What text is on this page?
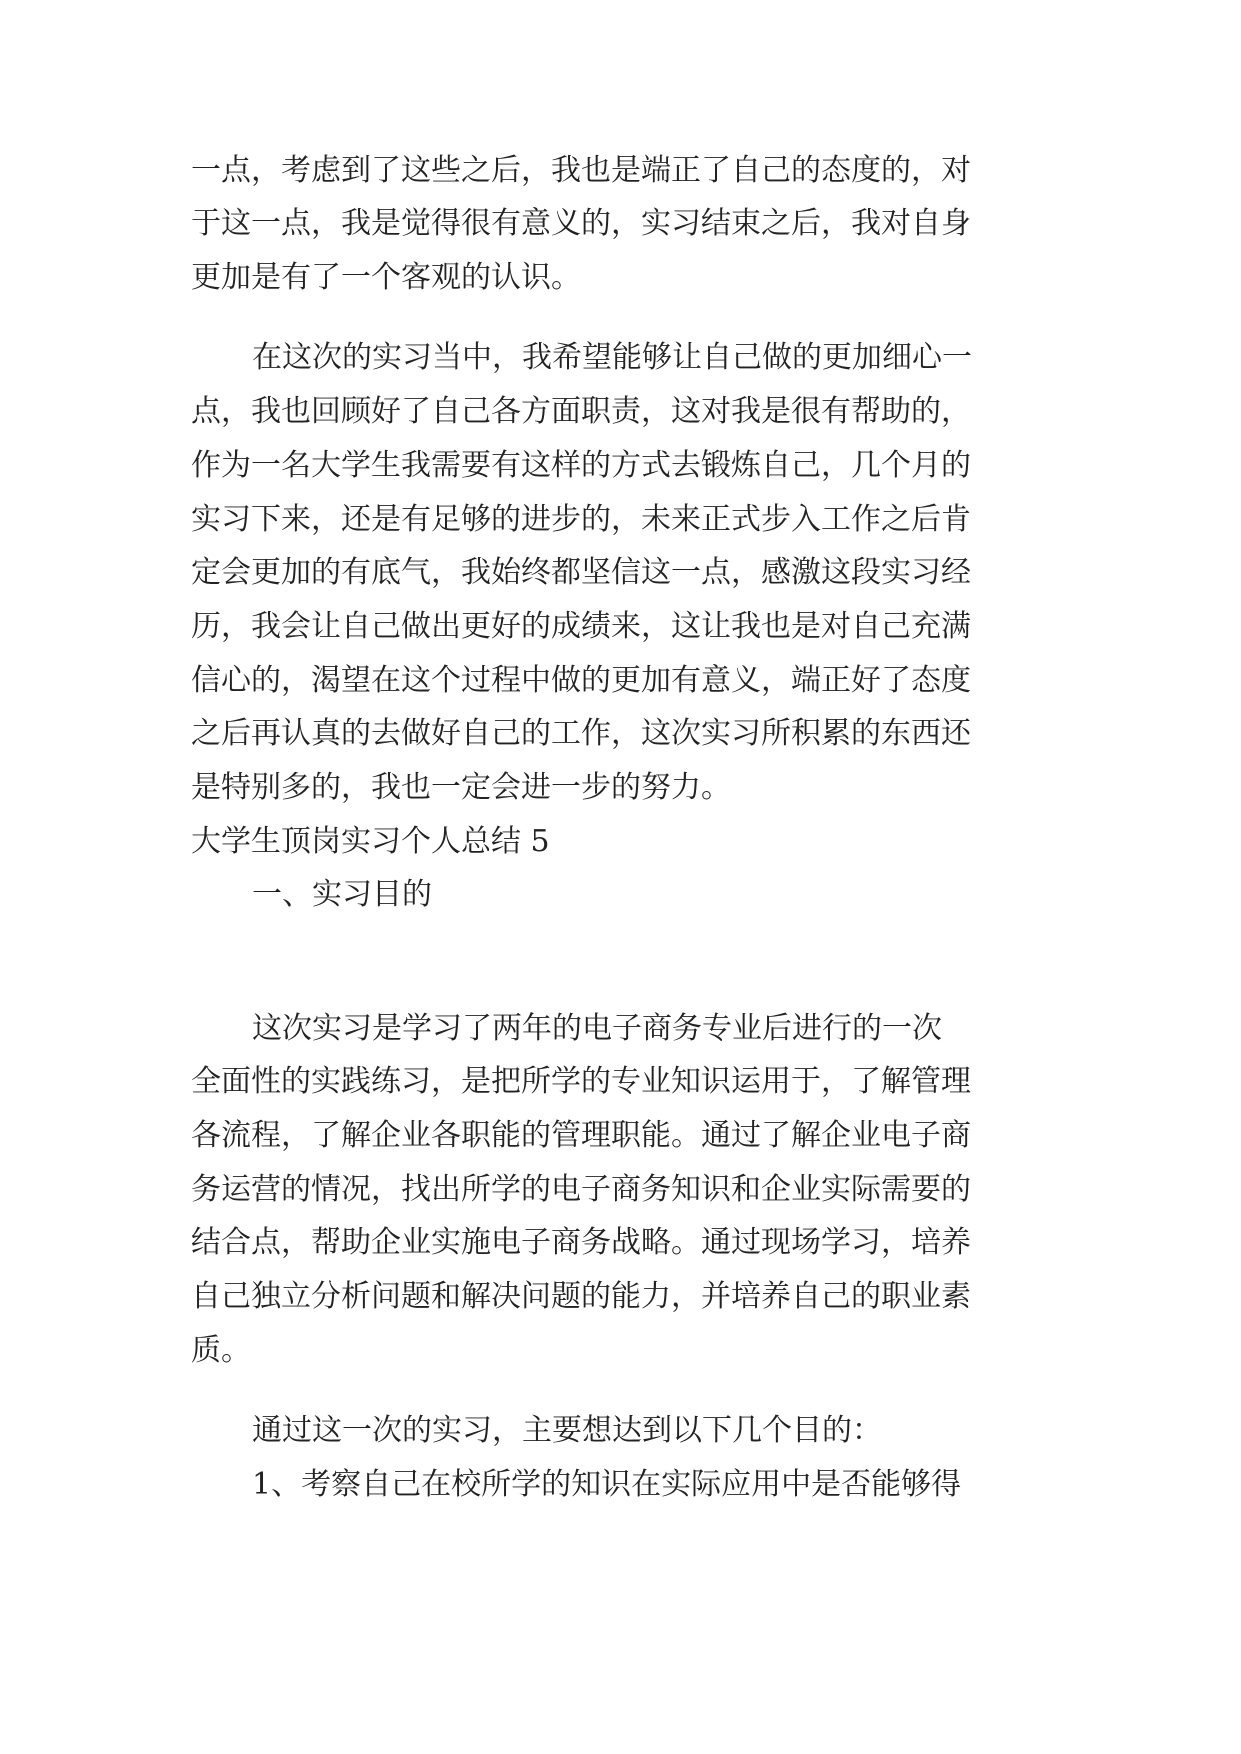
一点，考虑到了这些之后，我也是端正了自己的态度的，对
于这一点，我是觉得很有意义的，实习结束之后，我对自身
更加是有了一个客观的认识。
在这次的实习当中，我希望能够让自己做的更加细心一
点，我也回顾好了自己各方面职责，这对我是很有帮助的，
作为一名大学生我需要有这样的方式去锻炼自己，几个月的
实习下来，还是有足够的进步的，未来正式步入工作之后肯
定会更加的有底气，我始终都坚信这一点，感激这段实习经
历，我会让自己做出更好的成绩来，这让我也是对自己充满
信心的，渴望在这个过程中做的更加有意义，端正好了态度
之后再认真的去做好自己的工作，这次实习所积累的东西还
是特别多的，我也一定会进一步的努力。
大学生顶岗实习个人总结 5
一、实习目的
这次实习是学习了两年的电子商务专业后进行的一次
全面性的实践练习，是把所学的专业知识运用于，了解管理
各流程，了解企业各职能的管理职能。通过了解企业电子商
务运营的情况，找出所学的电子商务知识和企业实际需要的
结合点，帮助企业实施电子商务战略。通过现场学习，培养
自己独立分析问题和解决问题的能力，并培养自己的职业素
质。
通过这一次的实习，主要想达到以下几个目的：
1、考察自己在校所学的知识在实际应用中是否能够得
